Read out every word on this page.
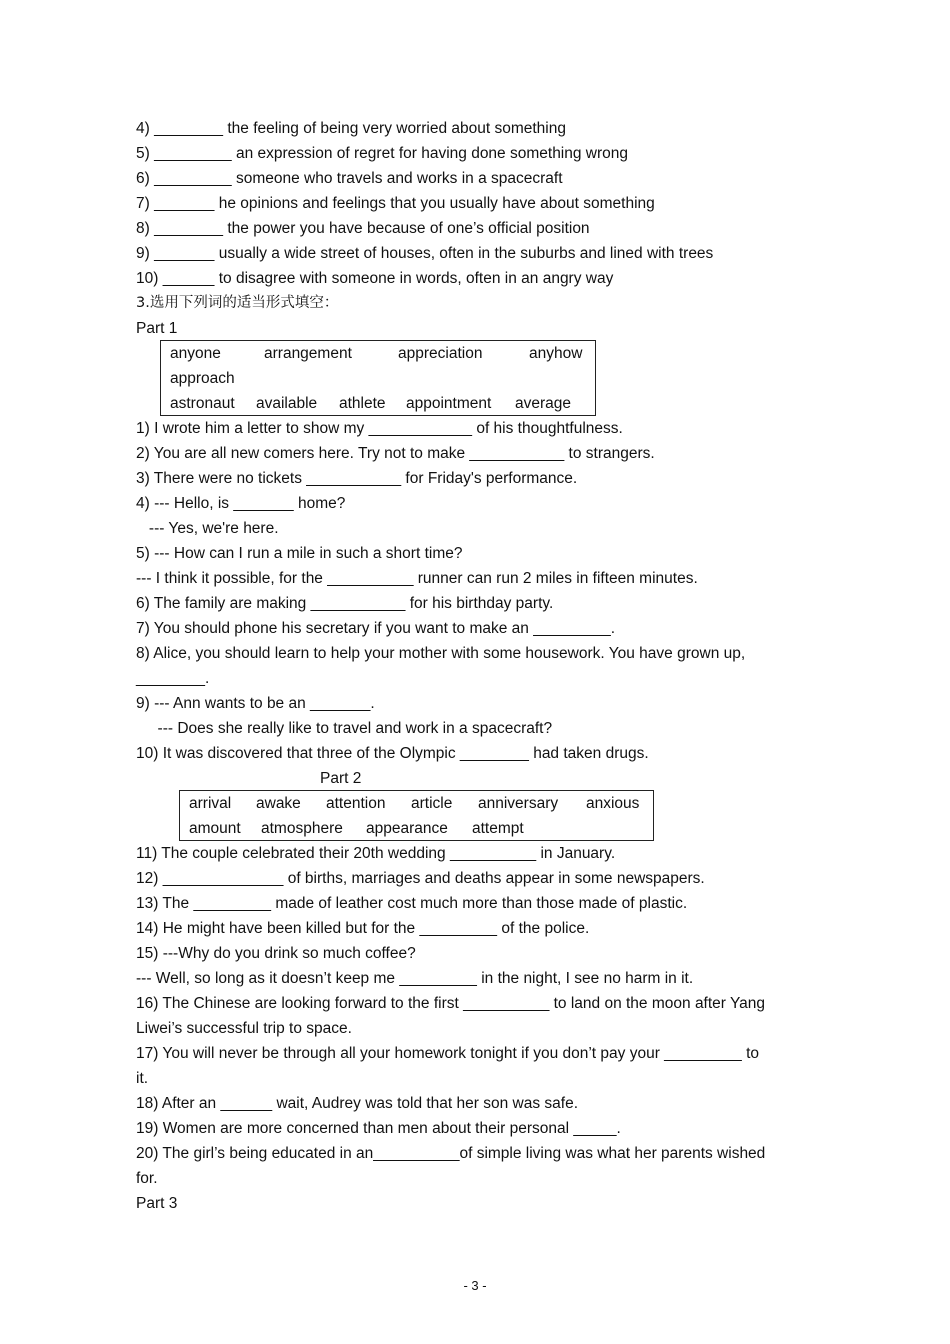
4) ________ the feeling of being very worried about something
5) _________ an expression of regret for having done something wrong
6) _________ someone who travels and works in a spacecraft
7) _______ he opinions and feelings that you usually have about something
8) ________ the power you have because of one’s official position
9) _______ usually a wide street of houses, often in the suburbs and lined with trees
10) ______ to disagree with someone in words, often in an angry way
3.选用下列词的适当形式填空：
Part 1
anyone	arrangement	appreciation	anyhow
approach
astronaut available athlete appointment average
1) I wrote him a letter to show my ____________ of his thoughtfulness.
2) You are all new comers here. Try not to make ___________ to strangers.
3) There were no tickets ___________ for Friday's performance.
4) --- Hello, is _______ home?
--- Yes, we're here.
5) --- How can I run a mile in such a short time?
--- I think it possible, for the __________ runner can run 2 miles in fifteen minutes.
6) The family are making ___________ for his birthday party.
7) You should phone his secretary if you want to make an _________.
8) Alice, you should learn to help your mother with some housework. You have grown up,
________.
9) --- Ann wants to be an _______.
--- Does she really like to travel and work in a spacecraft?
10) It was discovered that three of the Olympic ________ had taken drugs.
Part 2
arrival awake attention article anniversary anxious
amount atmosphere appearance attempt
11) The couple celebrated their 20th wedding __________ in January.
12) ______________ of births, marriages and deaths appear in some newspapers.
13) The _________ made of leather cost much more than those made of plastic.
14) He might have been killed but for the _________ of the police.
15) ---Why do you drink so much coffee?
--- Well, so long as it doesn’t keep me _________ in the night, I see no harm in it.
16) The Chinese are looking forward to the first __________ to land on the moon after Yang
Liwei’s successful trip to space.
17) You will never be through all your homework tonight if you don’t pay your _________ to
it.
18) After an ______ wait, Audrey was told that her son was safe.
19) Women are more concerned than men about their personal _____.
20) The girl’s being educated in an__________of simple living was what her parents wished
for.
Part 3
- 3 -
